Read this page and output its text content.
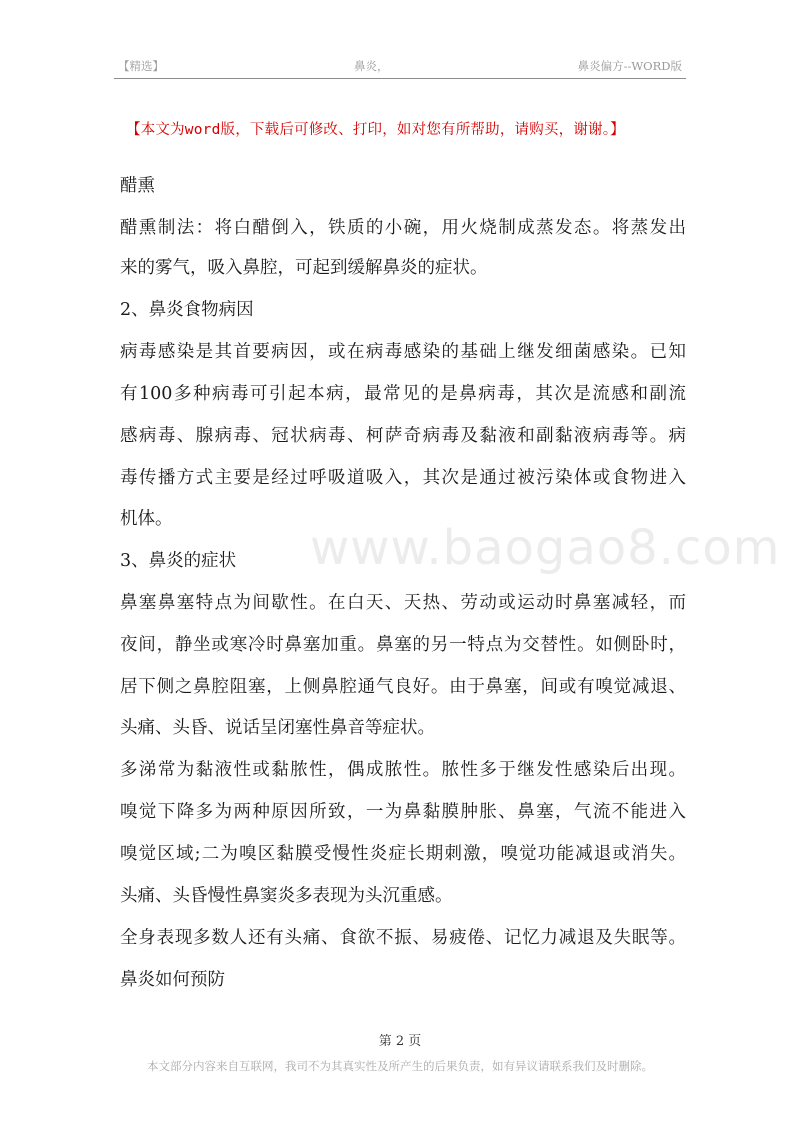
【精选】	鼻炎，	鼻炎偏方--WORD版
【本文为word版，下载后可修改、打印，如对您有所帮助，请购买，谢谢。】
www.baogao8.com
醋熏
醋熏制法：将白醋倒入，铁质的小碗，用火烧制成蒸发态。将蒸发出
来的雾气，吸入鼻腔，可起到缓解鼻炎的症状。
2、鼻炎食物病因
病毒感染是其首要病因，或在病毒感染的基础上继发细菌感染。已知
有100多种病毒可引起本病，最常见的是鼻病毒，其次是流感和副流
感病毒、腺病毒、冠状病毒、柯萨奇病毒及黏液和副黏液病毒等。病
毒传播方式主要是经过呼吸道吸入，其次是通过被污染体或食物进入
机体。
3、鼻炎的症状
鼻塞鼻塞特点为间歇性。在白天、天热、劳动或运动时鼻塞减轻，而
夜间，静坐或寒冷时鼻塞加重。鼻塞的另一特点为交替性。如侧卧时，
居下侧之鼻腔阻塞，上侧鼻腔通气良好。由于鼻塞，间或有嗅觉减退、
头痛、头昏、说话呈闭塞性鼻音等症状。
多涕常为黏液性或黏脓性，偶成脓性。脓性多于继发性感染后出现。
嗅觉下降多为两种原因所致，一为鼻黏膜肿胀、鼻塞，气流不能进入
嗅觉区域;二为嗅区黏膜受慢性炎症长期刺激，嗅觉功能减退或消失。
头痛、头昏慢性鼻窦炎多表现为头沉重感。
全身表现多数人还有头痛、食欲不振、易疲倦、记忆力减退及失眠等。
鼻炎如何预防
第 2 页
本文部分内容来自互联网，我司不为其真实性及所产生的后果负责，如有异议请联系我们及时删除。
